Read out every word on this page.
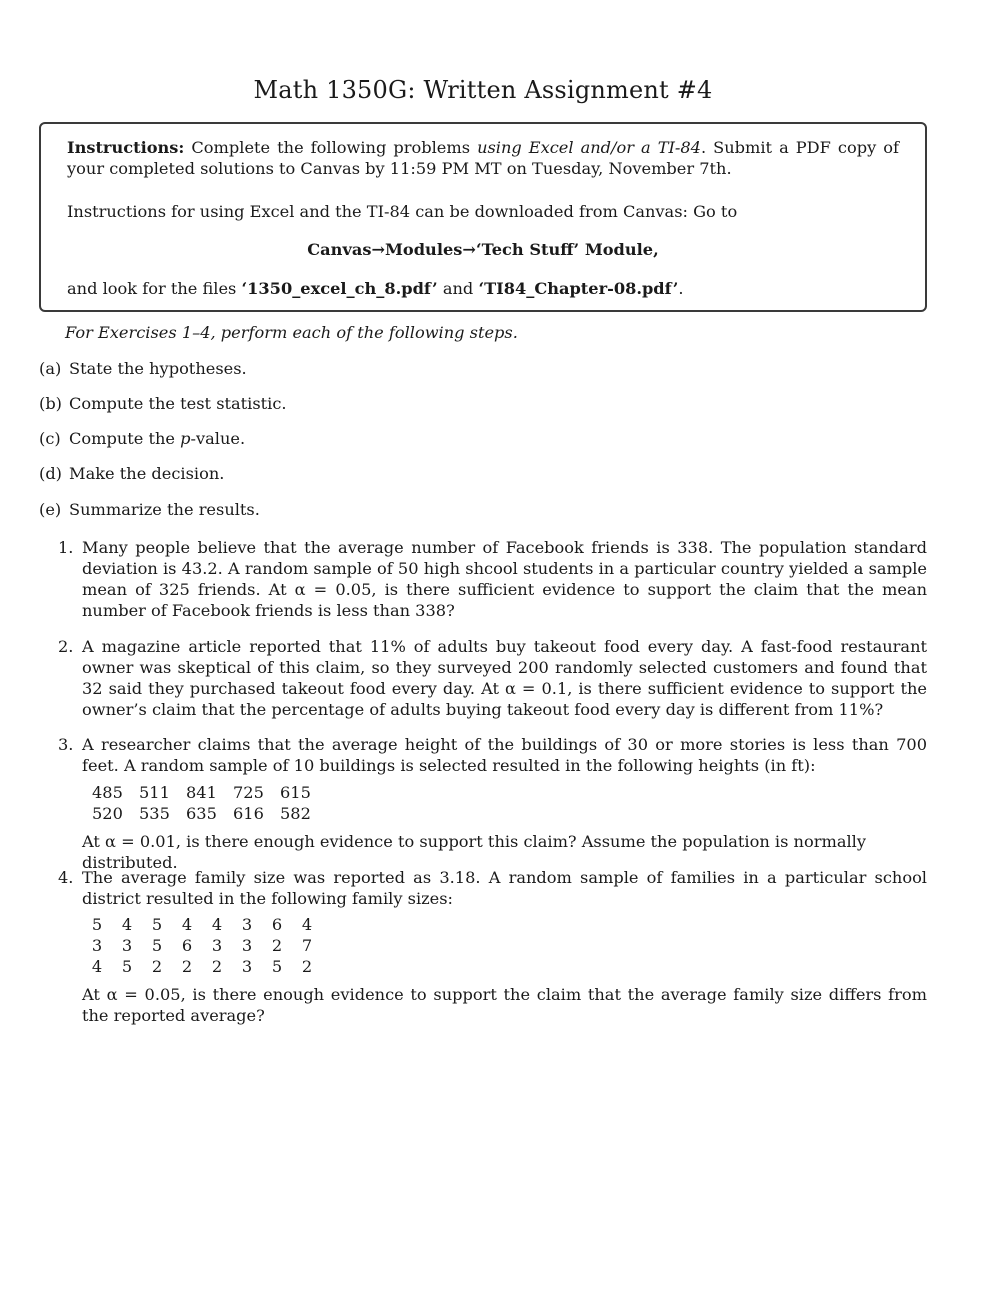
Math 1350G: Written Assignment #4

Instructions: Complete the following problems using Excel and/or a TI-84. Submit a PDF copy of your completed solutions to Canvas by 11:59 PM MT on Tuesday, November 7th.

Instructions for using Excel and the TI-84 can be downloaded from Canvas: Go to

Canvas→Modules→‘Tech Stuff’ Module,

and look for the files ‘1350_excel_ch_8.pdf’ and ‘TI84_Chapter-08.pdf’.

For Exercises 1–4, perform each of the following steps.
(a) State the hypotheses.
(b) Compute the test statistic.
(c) Compute the p-value.
(d) Make the decision.
(e) Summarize the results.
1. Many people believe that the average number of Facebook friends is 338. The population standard deviation is 43.2. A random sample of 50 high shcool students in a particular country yielded a sample mean of 325 friends. At α = 0.05, is there sufficient evidence to support the claim that the mean number of Facebook friends is less than 338?
2. A magazine article reported that 11% of adults buy takeout food every day. A fast-food restaurant owner was skeptical of this claim, so they surveyed 200 randomly selected customers and found that 32 said they purchased takeout food every day. At α = 0.1, is there sufficient evidence to support the owner’s claim that the percentage of adults buying takeout food every day is different from 11%?
3. A researcher claims that the average height of the buildings of 30 or more stories is less than 700 feet. A random sample of 10 buildings is selected resulted in the following heights (in ft):
485	511	841	725	615
520	535	635	616	582
At α = 0.01, is there enough evidence to support this claim? Assume the population is normally distributed.
4. The average family size was reported as 3.18. A random sample of families in a particular school district resulted in the following family sizes:
5	4	5	4	4	3	6	4
3	3	5	6	3	3	2	7
4	5	2	2	2	3	5	2
At α = 0.05, is there enough evidence to support the claim that the average family size differs from the reported average?
